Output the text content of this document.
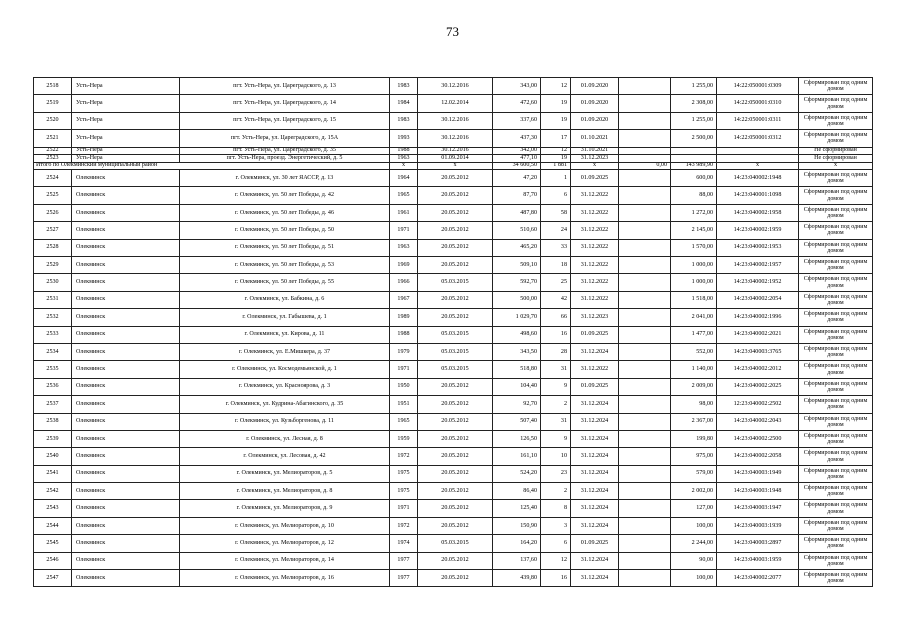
73
2518	Усть-Нера	пгт. Усть-Нера, ул. Цареградского, д. 13	1983	30.12.2016	343,00	12	01.09.2020		1 255,00	14:22:050001:0309	Сформирован под одним домом
2519	Усть-Нера	пгт. Усть-Нера, ул. Цареградского, д. 14	1984	12.02.2014	472,60	19	01.09.2020		2 308,00	14:22:050001:0310	Сформирован под одним домом
2520	Усть-Нера	пгт. Усть-Нера, ул. Цареградского, д. 15	1983	30.12.2016	337,60	19	01.09.2020		1 255,00	14:22:050001:0311	Сформирован под одним домом
2521	Усть-Нера	пгт. Усть-Нера, ул. Цареградского, д. 15А	1993	30.12.2016	437,30	17	01.10.2021		2 500,00	14:22:050001:0312	Сформирован под одним домом
2522	Усть-Нера	пгт. Усть-Нера, ул. Цареградского, д. 35	1988	30.12.2016	342,00	12	31.10.2021				Не сформирован
2523	Усть-Нера	пгт. Усть-Нера, проезд. Энергетический, д. 5	1963	01.09.2014	477,10	19	31.12.2023				Не сформирован
Итого по Олекминский муниципальный район			х	х	34 600,50	1 881	х	0,00	143 989,90	х	х
2524	Олекминск	г. Олекминск, ул. 30 лет ЯАССР, д. 13	1964	20.05.2012	47,20	1	01.09.2025		600,00	14:23:040002:1948	Сформирован под одним домом
2525	Олекминск	г. Олекминск, ул. 50 лет Победы, д. 42	1965	20.05.2012	87,70	6	31.12.2022		88,00	14:23:040001:1098	Сформирован под одним домом
2526	Олекминск	г. Олекминск, ул. 50 лет Победы, д. 46	1961	20.05.2012	487,80	58	31.12.2022		1 272,00	14:23:040002:1958	Сформирован под одним домом
2527	Олекминск	г. Олекминск, ул. 50 лет Победы, д. 50	1971	20.05.2012	510,60	24	31.12.2022		2 145,00	14:23:040002:1959	Сформирован под одним домом
2528	Олекминск	г. Олекминск, ул. 50 лет Победы, д. 51	1963	20.05.2012	465,20	33	31.12.2022		1 570,00	14:23:040002:1953	Сформирован под одним домом
2529	Олекминск	г. Олекминск, ул. 50 лет Победы, д. 53	1969	20.05.2012	509,10	18	31.12.2022		1 000,00	14:23:040002:1957	Сформирован под одним домом
2530	Олекминск	г. Олекминск, ул. 50 лет Победы, д. 55	1966	05.03.2015	592,70	25	31.12.2022		1 000,00	14:23:040002:1952	Сформирован под одним домом
2531	Олекминск	г. Олекминск, ул. Бабкина, д. 6	1967	20.05.2012	500,00	42	31.12.2022		1 518,00	14:23:040002:2054	Сформирован под одним домом
2532	Олекминск	г. Олекминск, ул. Габышева, д. 1	1989	20.05.2012	1 029,70	66	31.12.2023		2 041,00	14:23:040002:1996	Сформирован под одним домом
2533	Олекминск	г. Олекминск, ул. Кирова, д. 11	1988	05.03.2015	498,60	16	01.09.2025		1 477,00	14:23:040002:2021	Сформирован под одним домом
2534	Олекминск	г. Олекминск, ул. Е.Мишкера, д. 37	1979	05.03.2015	343,50	28	31.12.2024		552,00	14:23:040003:3765	Сформирован под одним домом
2535	Олекминск	г. Олекминск, ул. Космодемьянской, д. 1	1971	05.03.2015	518,80	31	31.12.2022		1 140,00	14:23:040002:2012	Сформирован под одним домом
2536	Олекминск	г. Олекминск, ул. Красноярова, д. 3	1950	20.05.2012	104,40	9	01.09.2025		2 009,00	14:23:040002:2025	Сформирован под одним домом
2537	Олекминск	г. Олекминск, ул. Кудрина-Абагинского, д. 35	1951	20.05.2012	92,70	2	31.12.2024		98,00	12:23:040002:2502	Сформирован под одним домом
2538	Олекминск	г. Олекминск, ул. Кузьборгенова, д. 11	1965	20.05.2012	507,40	31	31.12.2024		2 367,00	14:23:040002:2043	Сформирован под одним домом
2539	Олекминск	г. Олекминск, ул. Лесная, д. 8	1959	20.05.2012	126,50	9	31.12.2024		199,80	14:23:040002:2500	Сформирован под одним домом
2540	Олекминск	г. Олекминск, ул. Лесовая, д. 42	1972	20.05.2012	161,10	10	31.12.2024		975,00	14:23:040002:2058	Сформирован под одним домом
2541	Олекминск	г. Олекминск, ул. Мелиораторов, д. 5	1975	20.05.2012	524,20	23	31.12.2024		579,00	14:23:040003:1949	Сформирован под одним домом
2542	Олекминск	г. Олекминск, ул. Мелиораторов, д. 8	1975	20.05.2012	86,40	2	31.12.2024		2 002,00	14:23:040003:1948	Сформирован под одним домом
2543	Олекминск	г. Олекминск, ул. Мелиораторов, д. 9	1971	20.05.2012	125,40	8	31.12.2024		127,00	14:23:040003:1947	Сформирован под одним домом
2544	Олекминск	г. Олекминск, ул. Мелиораторов, д. 10	1972	20.05.2012	150,90	3	31.12.2024		100,00	14:23:040003:1939	Сформирован под одним домом
2545	Олекминск	г. Олекминск, ул. Мелиораторов, д. 12	1974	05.03.2015	164,20	6	01.09.2025		2 244,00	14:23:040003:2897	Сформирован под одним домом
2546	Олекминск	г. Олекминск, ул. Мелиораторов, д. 14	1977	20.05.2012	137,60	12	31.12.2024		90,00	14:23:040003:1959	Сформирован под одним домом
2547	Олекминск	г. Олекминск, ул. Мелиораторов, д. 16	1977	20.05.2012	439,80	16	31.12.2024		100,00	14:23:040002:2077	Сформирован под одним домом
